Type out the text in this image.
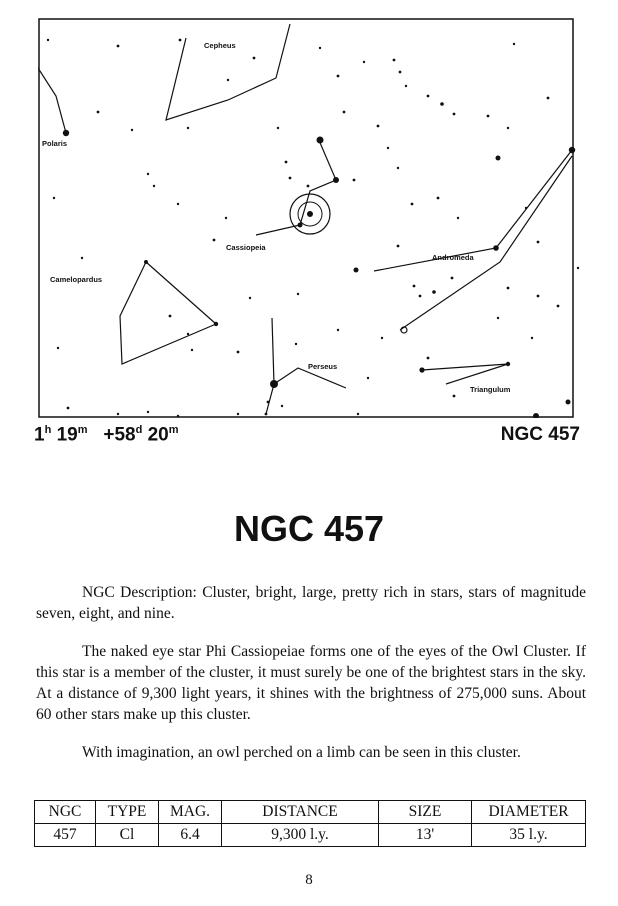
Cepheus
Polaris
Cassiopeia
Andromeda
Camelopardus
Perseus
Triangulum
1$^h$ $19^m +58^d$ 20$^m$	NGC 457
NGC 457

NGC Description: Cluster, bright, large, pretty rich in stars, stars of magnitude seven, eight, and nine.

The naked eye star Phi Cassiopeiae forms one of the eyes of the Owl Cluster. If this star is a member of the cluster, it must surely be one of the brightest stars in the sky. At a distance of 9,300 light years, it shines with the brightness of 275,000 suns. About 60 other stars make up this cluster.

With imagination, an owl perched on a limb can be seen in this cluster.

NGC	TYPE	MAG.	DISTANCE	SIZE	DIAMETER
457	Cl	6.4	9,300 l.y.	13'	35 l.y.
8
